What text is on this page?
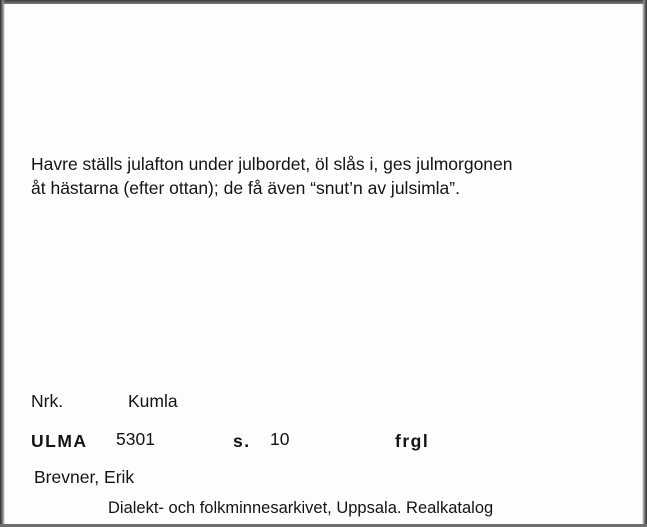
Havre ställs julafton under julbordet, öl slås i, ges julmorgonen
åt hästarna (efter ottan); de få även “snut’n av julsimla”.
Nrk.	Kumla
ULMA 5301	s. 10	frgl
Brevner, Erik
Dialekt- och folkminnesarkivet, Uppsala. Realkatalog
